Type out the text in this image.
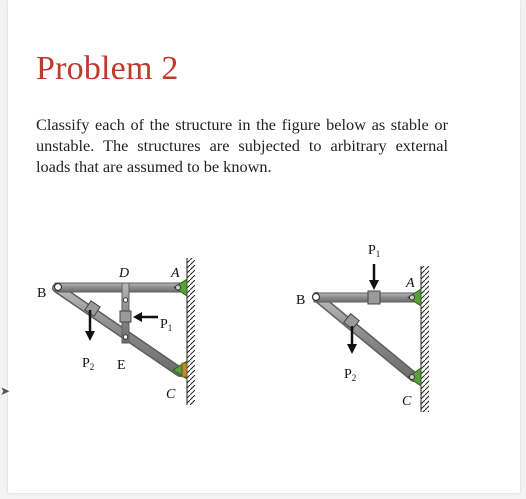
Problem 2

Classify each of the structure in the figure below as stable or unstable. The structures are subjected to arbitrary external loads that are assumed to be known.

➤
B
D	A
E
C
$P_1$
$P_2$
B
A
C
$P_1$
$P_2$
